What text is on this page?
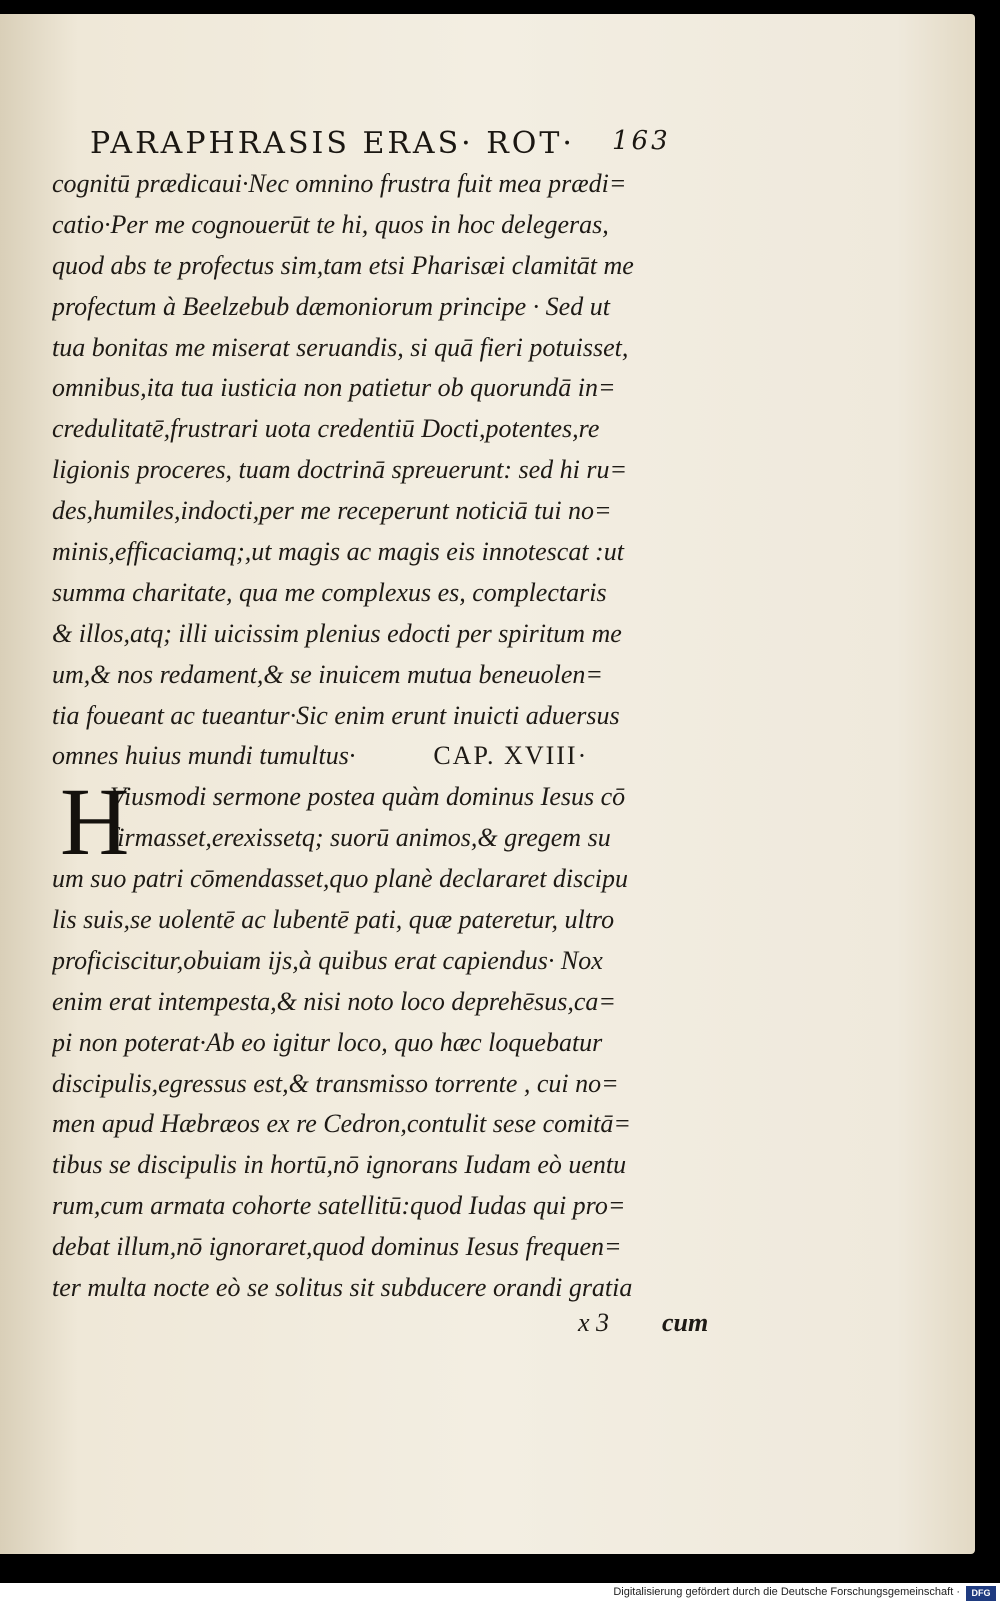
PARAPHRASIS ERAS· ROT· 163
cognitū prædicaui·Nec omnino frustra fuit mea prædi=
catio·Per me cognouerūt te hi, quos in hoc delegeras,
quod abs te profectus sim,tam etsi Pharisæi clamitāt me
profectum à Beelzebub dæmoniorum principe · Sed ut
tua bonitas me miserat seruandis, si quā fieri potuisset,
omnibus,ita tua iusticia non patietur ob quorundā in=
credulitatē,frustrari uota credentiū Docti,potentes,re
ligionis proceres, tuam doctrinā spreuerunt: sed hi ru=
des,humiles,indocti,per me receperunt noticiā tui no=
minis,efficaciamq;,ut magis ac magis eis innotescat :ut
summa charitate, qua me complexus es, complectaris
& illos,atq; illi uicissim plenius edocti per spiritum me
um,& nos redament,& se inuicem mutua beneuolen=
tia foueant ac tueantur·Sic enim erunt inuicti aduersus
omnes huius mundi tumultus·	CAP. XVIII·
Viusmodi sermone postea quàm dominus Iesus cō
firmasset,erexissetq; suorū animos,& gregem su
um suo patri cōmendasset,quo planè declararet discipu
lis suis,se uolentē ac lubentē pati, quæ pateretur, ultro
proficiscitur,obuiam ijs,à quibus erat capiendus· Nox
enim erat intempesta,& nisi noto loco deprehēsus,ca=
pi non poterat·Ab eo igitur loco, quo hæc loquebatur
discipulis,egressus est,& transmisso torrente , cui no=
men apud Hæbræos ex re Cedron,contulit sese comitā=
tibus se discipulis in hortū,nō ignorans Iudam eò uentu
rum,cum armata cohorte satellitū:quod Iudas qui pro=
debat illum,nō ignoraret,quod dominus Iesus frequen=
ter multa nocte eò se solitus sit subducere orandi gratia
H
x 3 cum
Digitalisierung gefördert durch die Deutsche Forschungsgemeinschaft ·	DFG
